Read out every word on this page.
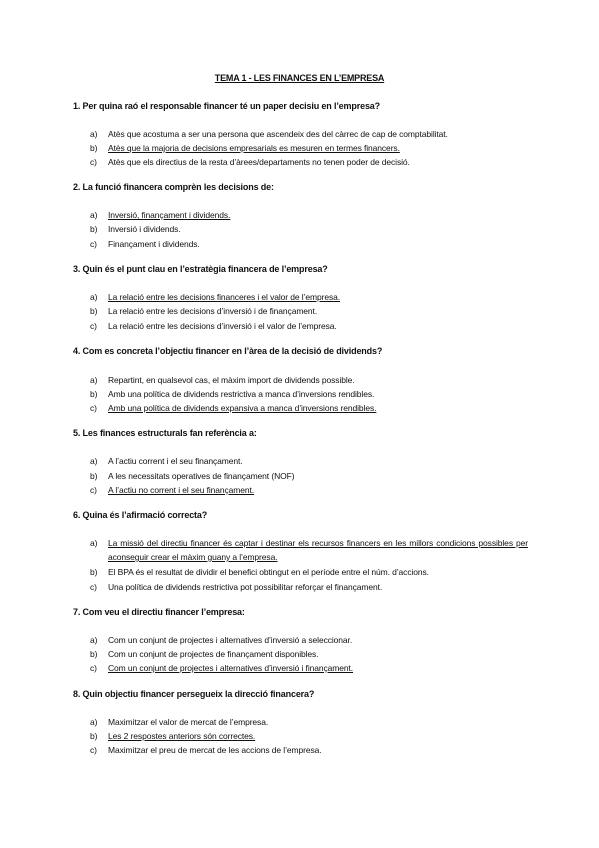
TEMA 1 - LES FINANCES EN L’EMPRESA
1. Per quina raó el responsable financer té un paper decisiu en l’empresa?
a)	Atès que acostuma a ser una persona que ascendeix des del càrrec de cap de comptabilitat.
b)	Atès que la majoria de decisions empresarials es mesuren en termes financers.
c)	Atès que els directius de la resta d’àrees/departaments no tenen poder de decisió.
2. La funció financera comprèn les decisions de:
a)	Inversió, finançament i dividends.
b)	Inversió i dividends.
c)	Finançament i dividends.
3. Quin és el punt clau en l’estratègia financera de l’empresa?
a)	La relació entre les decisions financeres i el valor de l’empresa.
b)	La relació entre les decisions d’inversió i de finançament.
c)	La relació entre les decisions d’inversió i el valor de l’empresa.
4. Com es concreta l’objectiu financer en l’àrea de la decisió de dividends?
a)	Repartint, en qualsevol cas, el màxim import de dividends possible.
b)	Amb una política de dividends restrictiva a manca d’inversions rendibles.
c)	Amb una política de dividends expansiva a manca d’inversions rendibles.
5. Les finances estructurals fan referència a:
a)	A l’actiu corrent i el seu finançament.
b)	A les necessitats operatives de finançament (NOF)
c)	A l’actiu no corrent i el seu finançament.
6. Quina és l’afirmació correcta?
a)	La missió del directiu financer és captar i destinar els recursos financers en les millors condicions possibles per aconseguir crear el màxim guany a l’empresa.
b)	El BPA és el resultat de dividir el benefici obtingut en el període entre el núm. d’accions.
c)	Una política de dividends restrictiva pot possibilitar reforçar el finançament.
7. Com veu el directiu financer l’empresa:
a)	Com un conjunt de projectes i alternatives d’inversió a seleccionar.
b)	Com un conjunt de projectes de finançament disponibles.
c)	Com un conjunt de projectes i alternatives d’inversió i finançament.
8. Quin objectiu financer persegueix la direcció financera?
a)	Maximitzar el valor de mercat de l’empresa.
b)	Les 2 respostes anteriors són correctes.
c)	Maximitzar el preu de mercat de les accions de l’empresa.
